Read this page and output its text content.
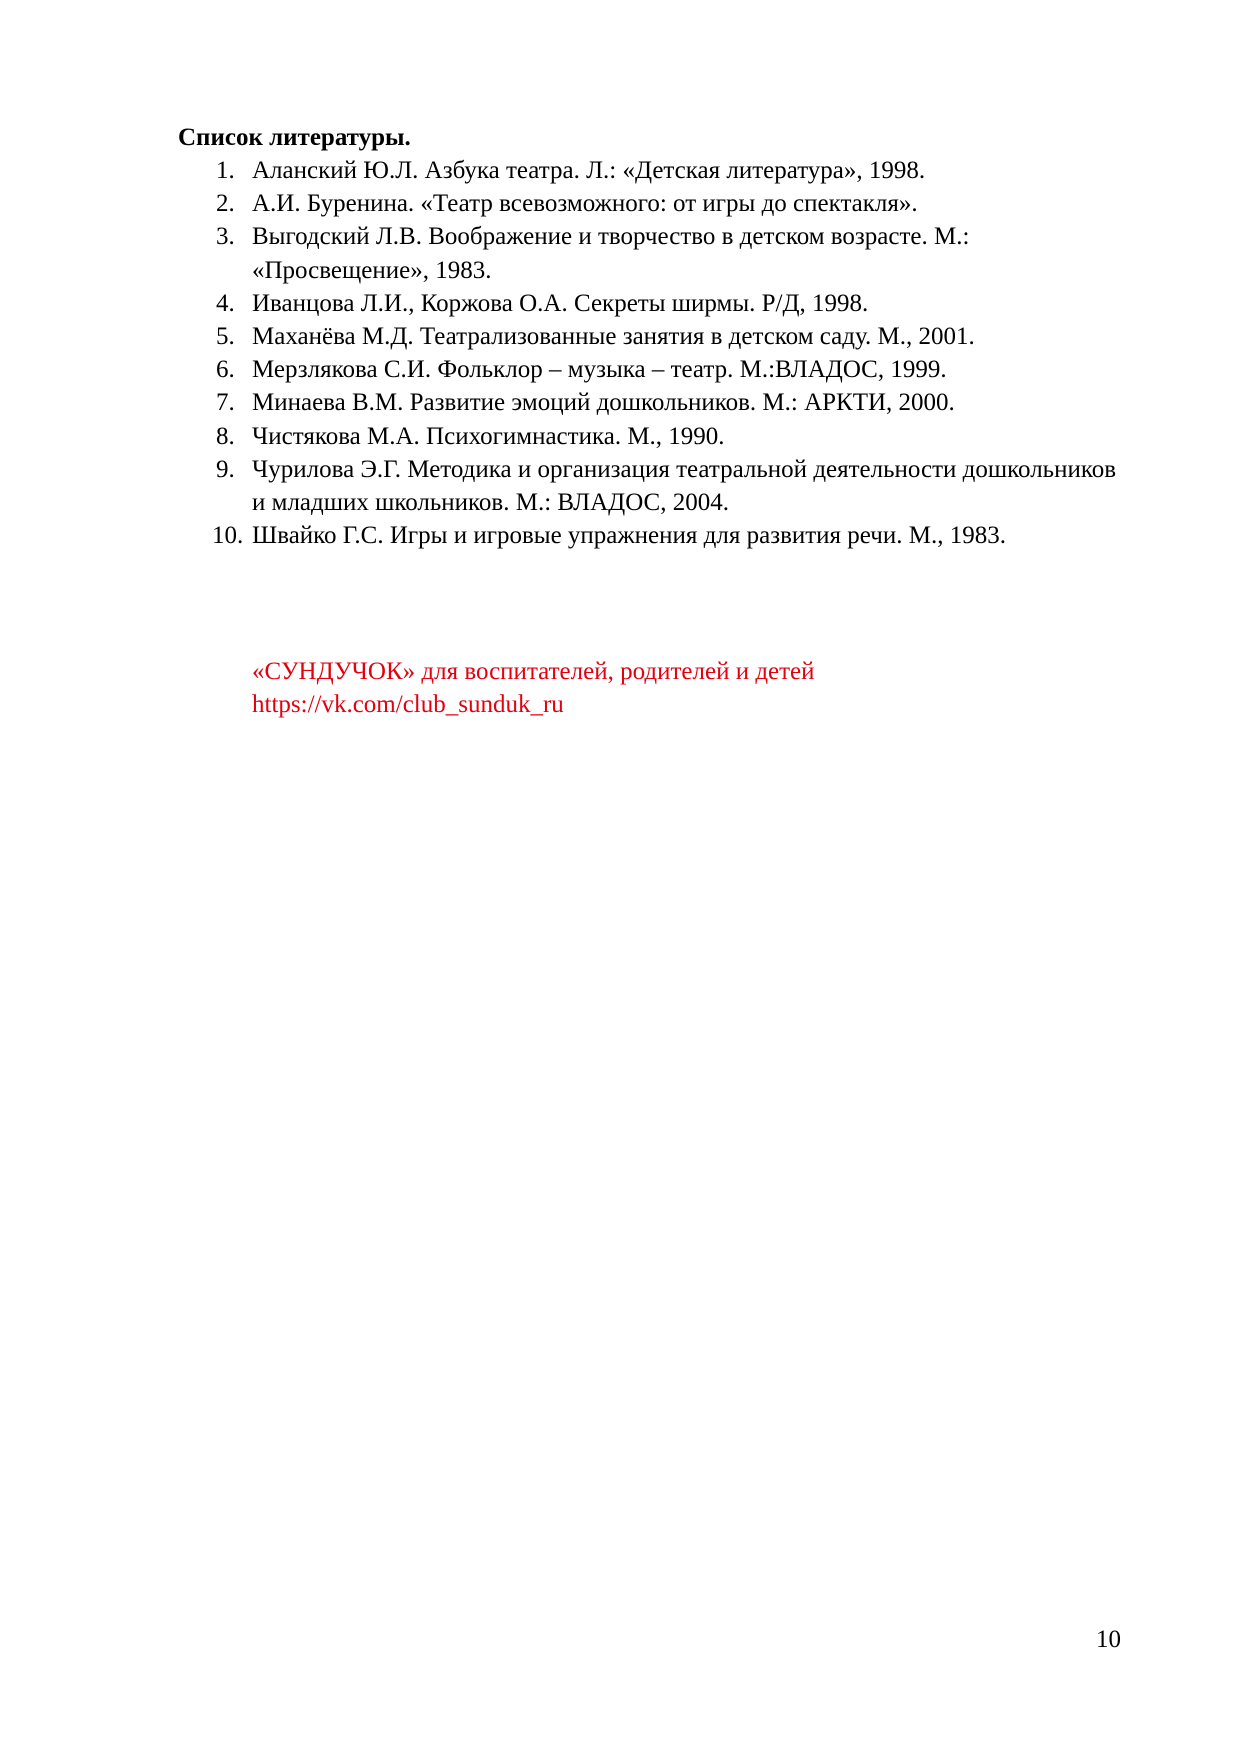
Список литературы.
1. Аланский Ю.Л. Азбука театра. Л.: «Детская литература», 1998.
2. А.И. Буренина. «Театр всевозможного: от игры до спектакля».
3. Выгодский Л.В. Воображение и творчество в детском возрасте. М.: «Просвещение», 1983.
4. Иванцова Л.И., Коржова О.А. Секреты ширмы. Р/Д, 1998.
5. Маханёва М.Д. Театрализованные занятия в детском саду. М., 2001.
6. Мерзлякова С.И. Фольклор – музыка – театр. М.:ВЛАДОС, 1999.
7. Минаева В.М. Развитие эмоций дошкольников. М.: АРКТИ, 2000.
8. Чистякова М.А. Психогимнастика. М., 1990.
9. Чурилова Э.Г. Методика и организация театральной деятельности дошкольников и младших школьников. М.: ВЛАДОС, 2004.
10. Швайко Г.С. Игры и игровые упражнения для развития речи. М., 1983.
«СУНДУЧОК» для воспитателей, родителей и детей
https://vk.com/club_sunduk_ru
10
